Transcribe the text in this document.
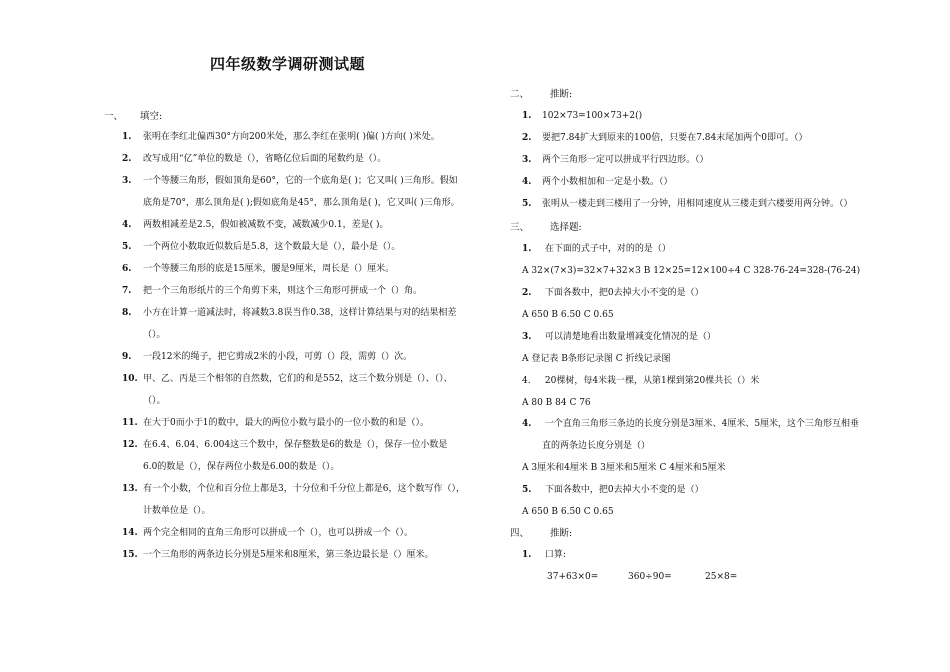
四年级数学调研测试题
一、 填空:
1. 张明在李红北偏西30°方向200米处，那么李红在张明( )偏( )方向( )米处。
2. 改写成用“亿”单位的数是（），省略亿位后面的尾数约是（）。
3. 一个等腰三角形，假如顶角是60°，它的一个底角是( )；它又叫( )三角形。假如
底角是70°，那么顶角是( );假如底角是45°，那么顶角是( )，它又叫( )三角形。
4. 两数相减差是2.5，假如被减数不变，减数减少0.1，差是( )。
5. 一个两位小数取近似数后是5.8，这个数最大是（），最小是（）。
6. 一个等腰三角形的底是15厘米，腰是9厘米，周长是（）厘米。
7. 把一个三角形纸片的三个角剪下来，则这个三角形可拼成一个（）角。
8. 小方在计算一道减法时，将减数3.8误当作0.38，这样计算结果与对的结果相差
（）。
9. 一段12米的绳子，把它剪成2米的小段，可剪（）段，需剪（）次。
10. 甲、乙、丙是三个相邻的自然数，它们的和是552，这三个数分别是（）、（）、
（）。
11. 在大于0而小于1的数中，最大的两位小数与最小的一位小数的和是（）。
12. 在6.4、6.04、6.004这三个数中，保存整数是6的数是（），保存一位小数是
6.0的数是（），保存两位小数是6.00的数是（）。
13. 有一个小数，个位和百分位上都是3，十分位和千分位上都是6，这个数写作（），
计数单位是（）。
14. 两个完全相同的直角三角形可以拼成一个（），也可以拼成一个（）。
15. 一个三角形的两条边长分别是5厘米和8厘米，第三条边最长是（）厘米。
二、 推断:
1. 102×73=100×73+2()
2. 要把7.84扩大到原来的100倍，只要在7.84末尾加两个0即可。（）
3. 两个三角形一定可以拼成平行四边形。（）
4. 两个小数相加和一定是小数。（）
5. 张明从一楼走到三楼用了一分钟，用相同速度从三楼走到六楼要用两分钟。（）
三、 选择题:
1. 在下面的式子中，对的的是（）
A 32×(7×3)=32×7+32×3 B 12×25=12×100÷4 C 328-76-24=328-(76-24)
2. 下面各数中，把0去掉大小不变的是（）
A 650 B 6.50 C 0.65
3. 可以清楚地看出数量增减变化情况的是（）
A 登记表 B条形记录图 C 折线记录图
4. 20棵树，每4米栽一棵，从第1棵到第20棵共长（）米
A 80 B 84 C 76
4. 一个直角三角形三条边的长度分别是3厘米、4厘米、5厘米，这个三角形互相垂
直的两条边长度分别是（）
A 3厘米和4厘米 B 3厘米和5厘米 C 4厘米和5厘米
5. 下面各数中，把0去掉大小不变的是（）
A 650 B 6.50 C 0.65
四、 推断:
1. 口算:
37+63×0=	360÷90=	25×8=
